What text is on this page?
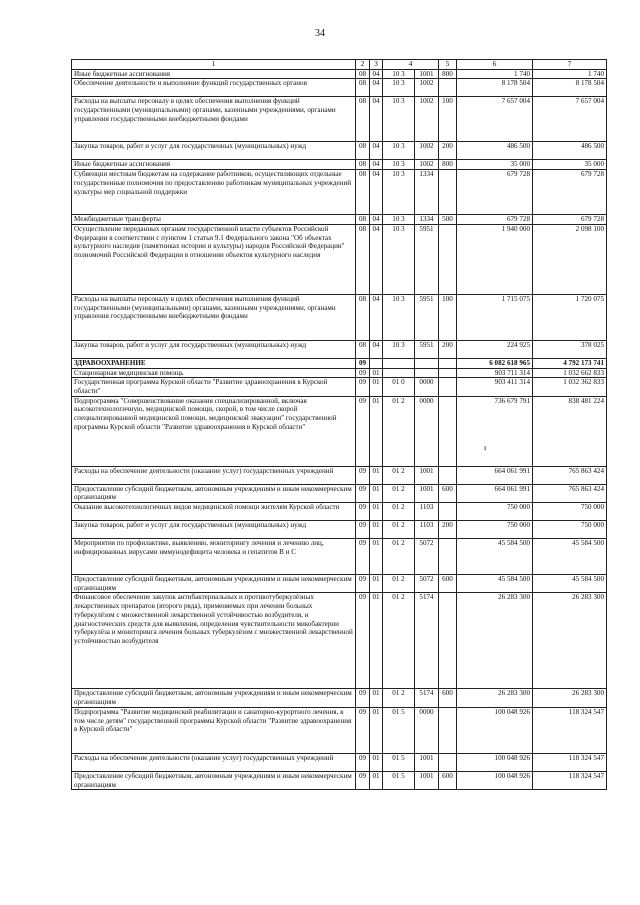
34
1	2	3	4		5	6	7
Иные бюджетные ассигнования	08	04	10 3	1001	800	1 740	1 740
Обеспечение деятельности и выполнение функций государственных органов	08	04	10 3	1002		8 178 504	8 178 504
Расходы на выплаты персоналу в целях обеспечения выполнения функций государственными (муниципальными) органами, казенными учреждениями, органами управления государственными внебюджетными фондами	08	04	10 3	1002	100	7 657 004	7 657 004
Закупка товаров, работ и услуг для государственных (муниципальных) нужд	08	04	10 3	1002	200	486 500	486 500
Иные бюджетные ассигнования	08	04	10 3	1002	800	35 000	35 000
Субвенции местным бюджетам на содержание работников, осуществляющих отдельные государственные полномочия по предоставлению работникам муниципальных учреждений культуры мер социальной поддержки	08	04	10 3	1334		679 728	679 728
Межбюджетные трансферты	08	04	10 3	1334	500	679 728	679 728
Осуществление переданных органам государственной власти субъектов Российской Федерации в соответствии с пунктом 1 статьи 9.1 Федерального закона "Об объектах культурного наследия (памятниках истории и культуры) народов Российской Федерации" полномочий Российской Федерации в отношении объектов культурного наследия	08	04	10 3	5951		1 940 000	2 098 100
Расходы на выплаты персоналу в целях обеспечения выполнения функций государственными (муниципальными) органами, казенными учреждениями, органами управления государственными внебюджетными фондами	08	04	10 3	5951	100	1 715 075	1 720 075
Закупка товаров, работ и услуг для государственных (муниципальных) нужд	08	04	10 3	5951	200	224 925	378 025
ЗДРАВООХРАНЕНИЕ	09					6 082 618 965	4 792 173 741
Стационарная медицинская помощь	09	01				903 711 314	1 032 662 833
Государственная программа Курской области "Развитие здравоохранения в Курской области"	09	01	01 0	0000		903 411 314	1 032 362 833
Подпрограмма "Совершенствование оказания специализированной, включая высокотехнологичную, медицинской помощи, скорой, в том числе скорой специализированной медицинской помощи, медицинской эвакуации" государственной программы Курской области "Развитие здравоохранения в Курской области"	09	01	01 2	0000		736 679 791	838 481 224
Расходы на обеспечение деятельности (оказание услуг) государственных учреждений	09	01	01 2	1001		664 061 991	765 863 424
Предоставление субсидий бюджетным, автономным учреждениям и иным некоммерческим организациям	09	01	01 2	1001	600	664 061 991	765 863 424
Оказание высокотехнологичных видов медицинской помощи жителям Курской области	09	01	01 2	1103		750 000	750 000
Закупка товаров, работ и услуг для государственных (муниципальных) нужд	09	01	01 2	1103	200	750 000	750 000
Мероприятия по профилактике, выявлению, мониторингу лечения и лечению лиц, инфицированных вирусами иммунодефицита человека и гепатитов В и С	09	01	01 2	5072		45 584 500	45 584 500
Предоставление субсидий бюджетным, автономным учреждениям и иным некоммерческим организациям	09	01	01 2	5072	600	45 584 500	45 584 500
Финансовое обеспечение закупок антибактериальных и противотуберкулёзных лекарственных препаратов (второго ряда), применяемых при лечении больных туберкулёзом с множественной лекарственной устойчивостью возбудителя, и диагностических средств для выявления, определения чувствительности микобактерии туберкулёза и мониторинга лечения больных туберкулёзом с множественной лекарственной устойчивостью возбудителя	09	01	01 2	5174		26 283 300	26 283 300
Предоставление субсидий бюджетным, автономным учреждениям и иным некоммерческим организациям	09	01	01 2	5174	600	26 283 300	26 283 300
Подпрограмма "Развитие медицинской реабилитации и санаторно-курортного лечения, в том числе детям" государственной программы Курской области "Развитие здравоохранения в Курской области"	09	01	01 5	0000		100 048 926	118 324 547
Расходы на обеспечение деятельности (оказание услуг) государственных учреждений	09	01	01 5	1001		100 048 926	118 324 547
Предоставление субсидий бюджетным, автономным учреждениям и иным некоммерческим организациям	09	01	01 5	1001	600	100 048 926	118 324 547
ı
